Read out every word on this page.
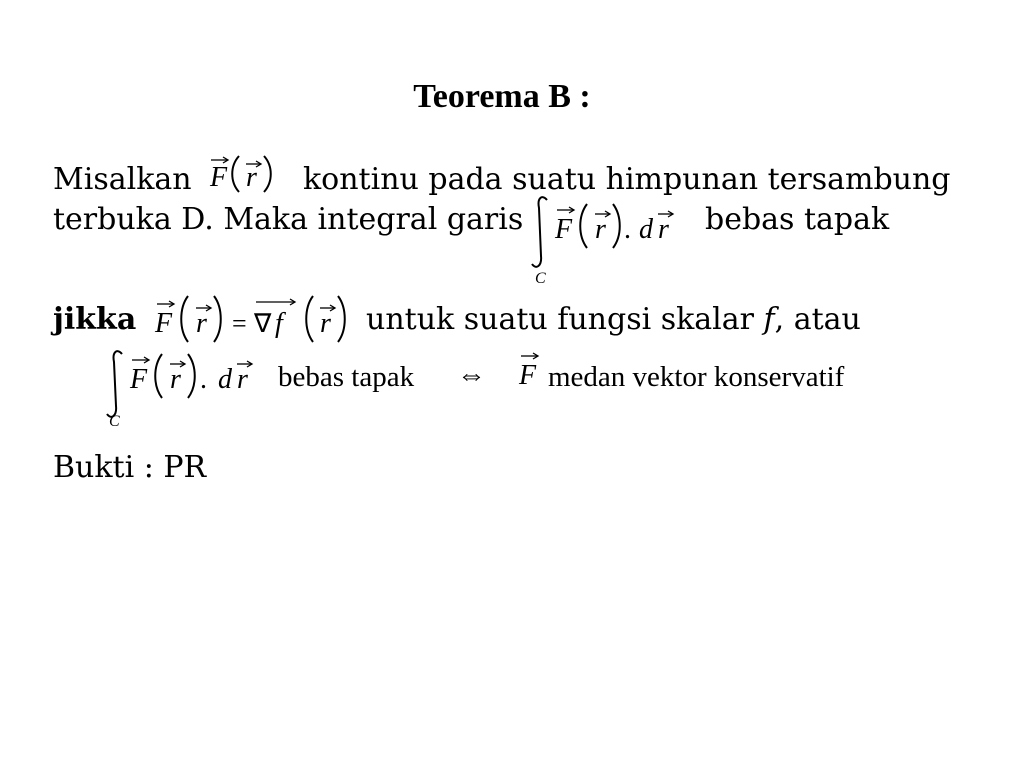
Teorema B :
Misalkan F r kontinu pada suatu himpunan tersambung
terbuka D. Maka integral garis
C
F r . d r bebas tapak
jikka F r = ∇ f r untuk suatu fungsi skalar f, atau
C
F r . d r bebas tapak ⇔ F medan vektor konservatif
Bukti : PR
